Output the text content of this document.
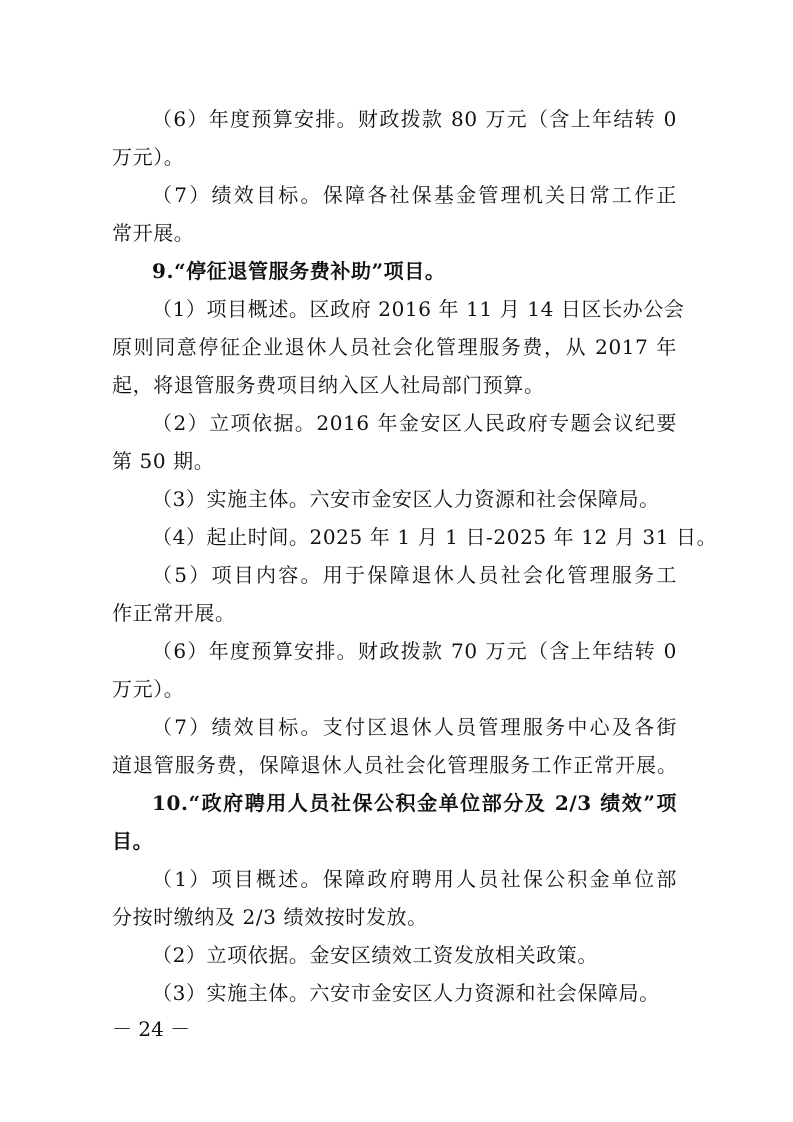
（6）年度预算安排。财政拨款 80 万元（含上年结转 0
万元）。
（7）绩效目标。保障各社保基金管理机关日常工作正
常开展。
9.“停征退管服务费补助”项目。
（1）项目概述。区政府 2016 年 11 月 14 日区长办公会
原则同意停征企业退休人员社会化管理服务费，从 2017 年
起，将退管服务费项目纳入区人社局部门预算。
（2）立项依据。2016 年金安区人民政府专题会议纪要
第 50 期。
（3）实施主体。六安市金安区人力资源和社会保障局。
（4）起止时间。2025 年 1 月 1 日-2025 年 12 月 31 日。
（5）项目内容。用于保障退休人员社会化管理服务工
作正常开展。
（6）年度预算安排。财政拨款 70 万元（含上年结转 0
万元）。
（7）绩效目标。支付区退休人员管理服务中心及各街
道退管服务费，保障退休人员社会化管理服务工作正常开展。
10.“政府聘用人员社保公积金单位部分及 2/3 绩效”项
目。
（1）项目概述。保障政府聘用人员社保公积金单位部
分按时缴纳及 2/3 绩效按时发放。
（2）立项依据。金安区绩效工资发放相关政策。
（3）实施主体。六安市金安区人力资源和社会保障局。
－ 24 －
